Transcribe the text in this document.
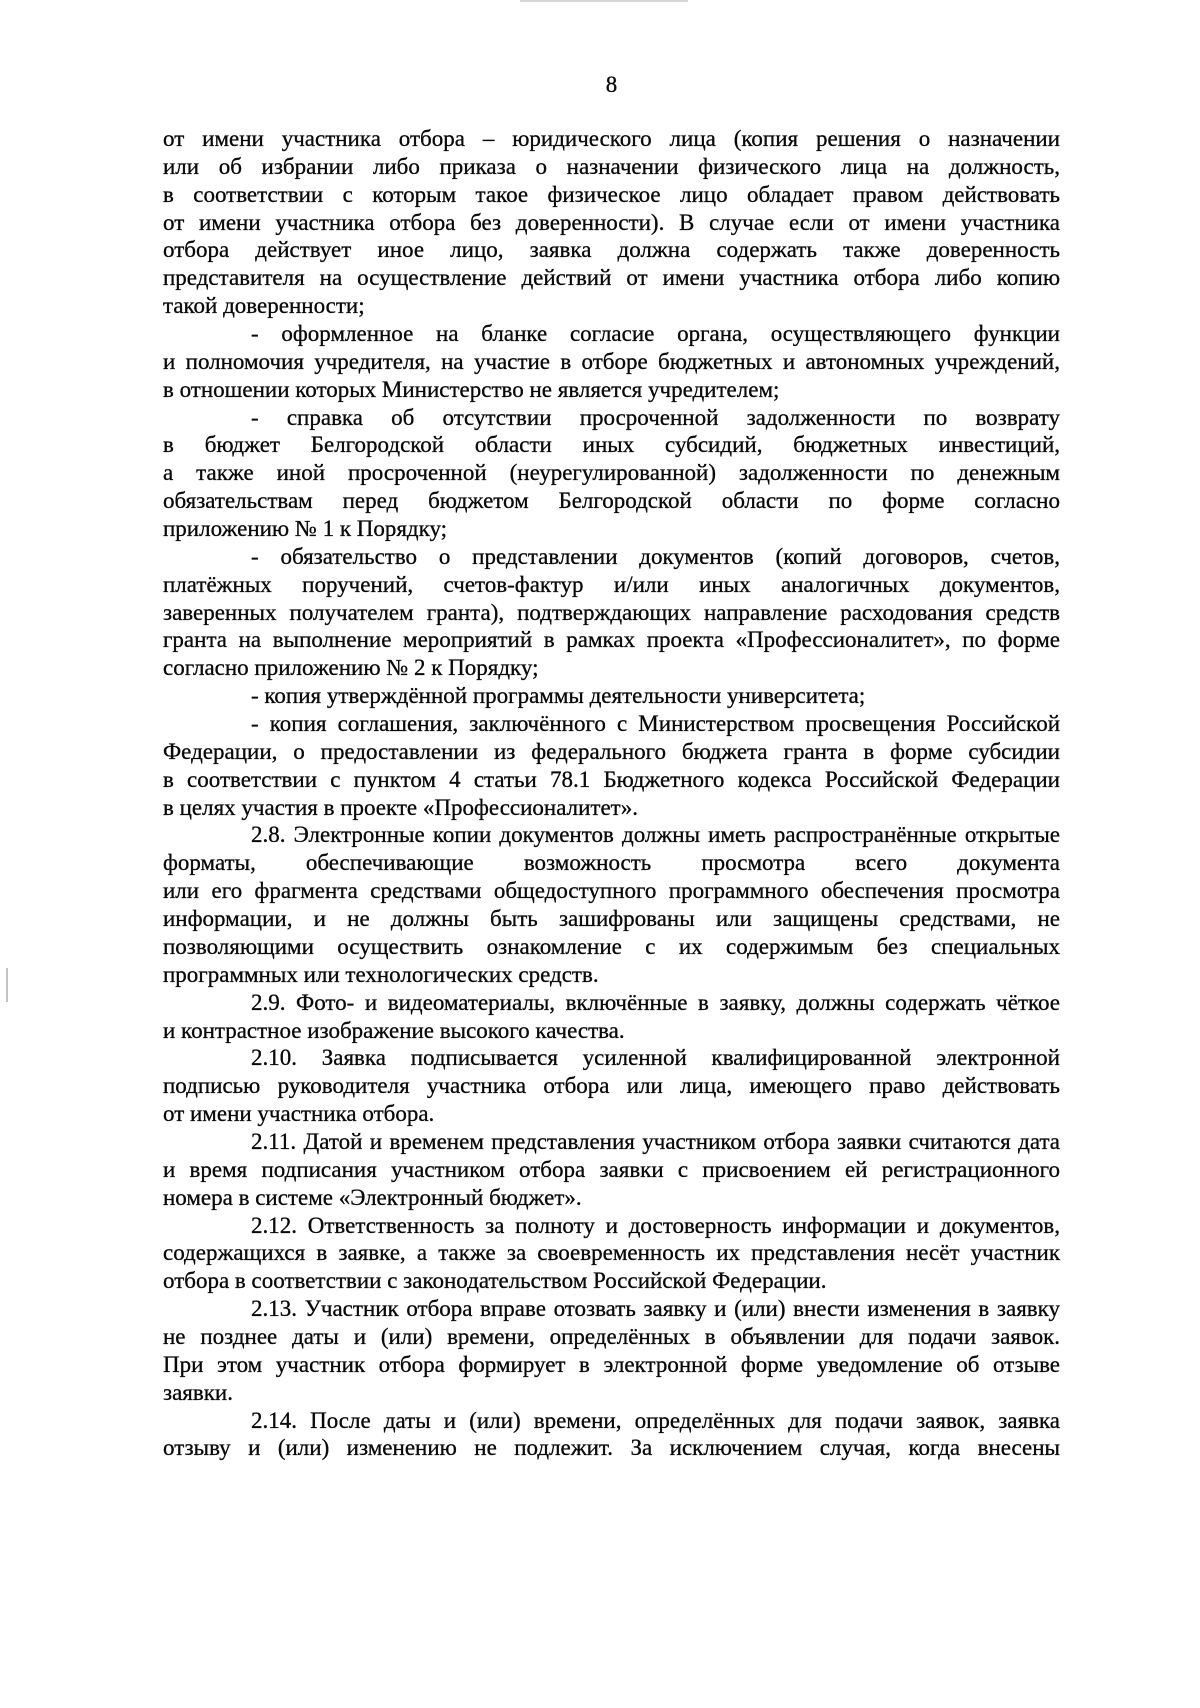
8
от имени участника отбора – юридического лица (копия решения о назначении
или об избрании либо приказа о назначении физического лица на должность,
в соответствии с которым такое физическое лицо обладает правом действовать
от имени участника отбора без доверенности). В случае если от имени участника
отбора действует иное лицо, заявка должна содержать также доверенность
представителя на осуществление действий от имени участника отбора либо копию
такой доверенности;
- оформленное на бланке согласие органа, осуществляющего функции
и полномочия учредителя, на участие в отборе бюджетных и автономных учреждений,
в отношении которых Министерство не является учредителем;
- справка об отсутствии просроченной задолженности по возврату
в бюджет Белгородской области иных субсидий, бюджетных инвестиций,
а также иной просроченной (неурегулированной) задолженности по денежным
обязательствам перед бюджетом Белгородской области по форме согласно
приложению № 1 к Порядку;
- обязательство о представлении документов (копий договоров, счетов,
платёжных поручений, счетов-фактур и/или иных аналогичных документов,
заверенных получателем гранта), подтверждающих направление расходования средств
гранта на выполнение мероприятий в рамках проекта «Профессионалитет», по форме
согласно приложению № 2 к Порядку;
- копия утверждённой программы деятельности университета;
- копия соглашения, заключённого с Министерством просвещения Российской
Федерации, о предоставлении из федерального бюджета гранта в форме субсидии
в соответствии с пунктом 4 статьи 78.1 Бюджетного кодекса Российской Федерации
в целях участия в проекте «Профессионалитет».
2.8. Электронные копии документов должны иметь распространённые открытые
форматы, обеспечивающие возможность просмотра всего документа
или его фрагмента средствами общедоступного программного обеспечения просмотра
информации, и не должны быть зашифрованы или защищены средствами, не
позволяющими осуществить ознакомление с их содержимым без специальных
программных или технологических средств.
2.9. Фото- и видеоматериалы, включённые в заявку, должны содержать чёткое
и контрастное изображение высокого качества.
2.10. Заявка подписывается усиленной квалифицированной электронной
подписью руководителя участника отбора или лица, имеющего право действовать
от имени участника отбора.
2.11. Датой и временем представления участником отбора заявки считаются дата
и время подписания участником отбора заявки с присвоением ей регистрационного
номера в системе «Электронный бюджет».
2.12. Ответственность за полноту и достоверность информации и документов,
содержащихся в заявке, а также за своевременность их представления несёт участник
отбора в соответствии с законодательством Российской Федерации.
2.13. Участник отбора вправе отозвать заявку и (или) внести изменения в заявку
не позднее даты и (или) времени, определённых в объявлении для подачи заявок.
При этом участник отбора формирует в электронной форме уведомление об отзыве
заявки.
2.14. После даты и (или) времени, определённых для подачи заявок, заявка
отзыву и (или) изменению не подлежит. За исключением случая, когда внесены
